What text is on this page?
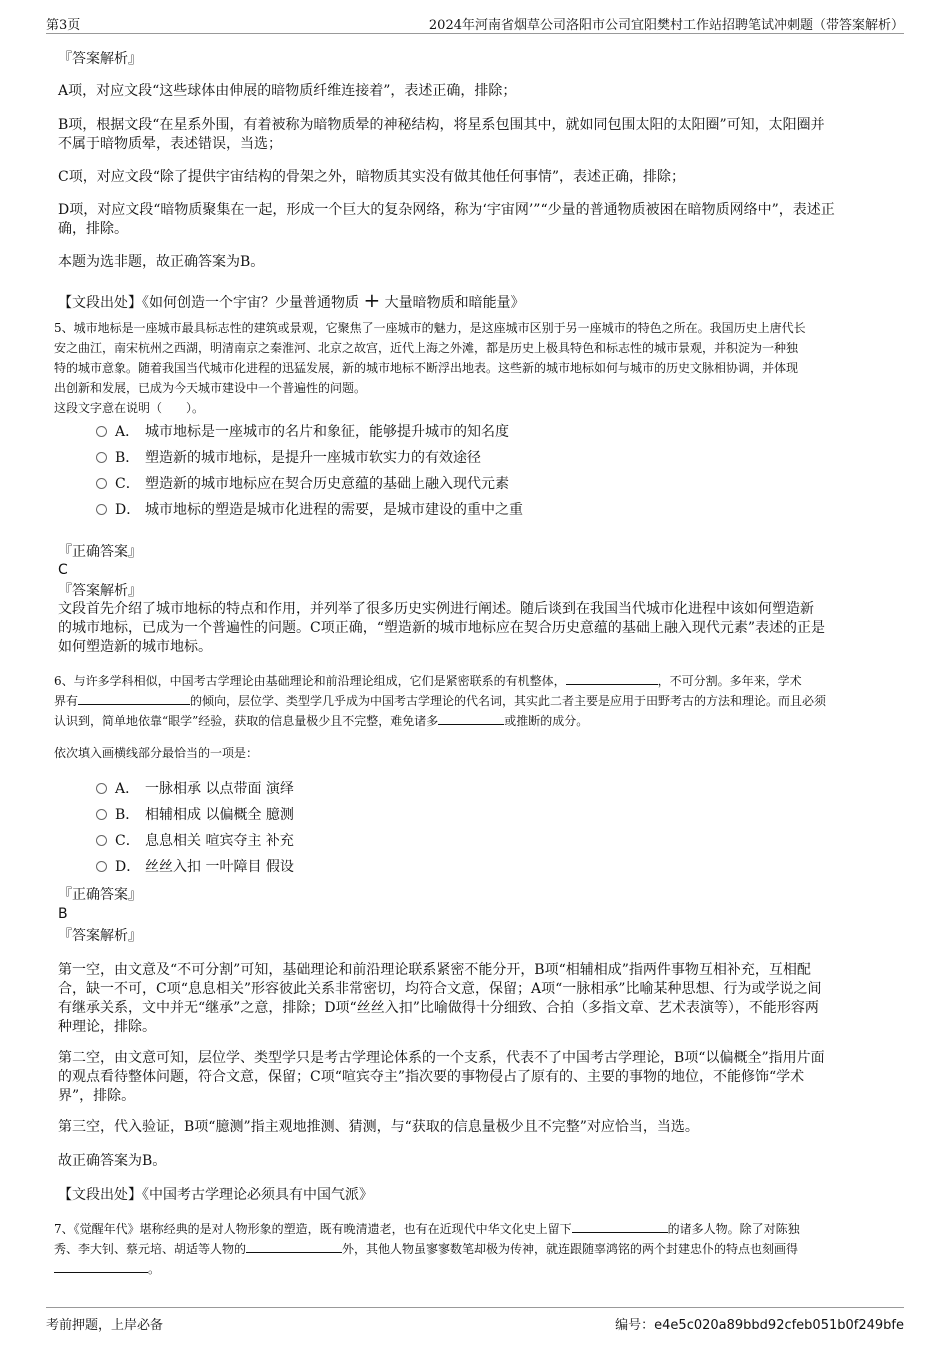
第3页	2024年河南省烟草公司洛阳市公司宜阳樊村工作站招聘笔试冲刺题（带答案解析）
『答案解析』
A项，对应文段“这些球体由伸展的暗物质纤维连接着”，表述正确，排除；
B项，根据文段“在星系外围，有着被称为暗物质晕的神秘结构，将星系包围其中，就如同包围太阳的太阳圈”可知，太阳圈并
不属于暗物质晕，表述错误，当选；
C项，对应文段“除了提供宇宙结构的骨架之外，暗物质其实没有做其他任何事情”，表述正确，排除；
D项，对应文段“暗物质聚集在一起，形成一个巨大的复杂网络，称为‘宇宙网’”“少量的普通物质被困在暗物质网络中”，表述正
确，排除。
本题为选非题，故正确答案为B。
【文段出处】《如何创造一个宇宙？少量普通物质 + 大量暗物质和暗能量》
5、城市地标是一座城市最具标志性的建筑或景观，它聚焦了一座城市的魅力，是这座城市区别于另一座城市的特色之所在。我国历史上唐代长
安之曲江，南宋杭州之西湖，明清南京之秦淮河、北京之故宫，近代上海之外滩，都是历史上极具特色和标志性的城市景观，并积淀为一种独
特的城市意象。随着我国当代城市化进程的迅猛发展，新的城市地标不断浮出地表。这些新的城市地标如何与城市的历史文脉相协调，并体现
出创新和发展，已成为今天城市建设中一个普遍性的问题。
这段文字意在说明（　　）。
A． 城市地标是一座城市的名片和象征，能够提升城市的知名度
B． 塑造新的城市地标，是提升一座城市软实力的有效途径
C． 塑造新的城市地标应在契合历史意蕴的基础上融入现代元素
D． 城市地标的塑造是城市化进程的需要，是城市建设的重中之重
『正确答案』
C
『答案解析』
文段首先介绍了城市地标的特点和作用，并列举了很多历史实例进行阐述。随后谈到在我国当代城市化进程中该如何塑造新
的城市地标，已成为一个普遍性的问题。C项正确，“塑造新的城市地标应在契合历史意蕴的基础上融入现代元素”表述的正是
如何塑造新的城市地标。
6、与许多学科相似，中国考古学理论由基础理论和前沿理论组成，它们是紧密联系的有机整体，	，不可分割。多年来，学术
界有	的倾向，层位学、类型学几乎成为中国考古学理论的代名词，其实此二者主要是应用于田野考古的方法和理论。而且必须
认识到，简单地依靠“眼学”经验，获取的信息量极少且不完整，难免诸多	或推断的成分。
依次填入画横线部分最恰当的一项是：
A． 一脉相承 以点带面 演绎
B． 相辅相成 以偏概全 臆测
C． 息息相关 喧宾夺主 补充
D． 丝丝入扣 一叶障目 假设
『正确答案』
B
『答案解析』
第一空，由文意及“不可分割”可知，基础理论和前沿理论联系紧密不能分开，B项“相辅相成”指两件事物互相补充，互相配
合，缺一不可，C项“息息相关”形容彼此关系非常密切，均符合文意，保留；A项“一脉相承”比喻某种思想、行为或学说之间
有继承关系，文中并无“继承”之意，排除；D项“丝丝入扣”比喻做得十分细致、合拍（多指文章、艺术表演等），不能形容两
种理论，排除。
第二空，由文意可知，层位学、类型学只是考古学理论体系的一个支系，代表不了中国考古学理论，B项“以偏概全”指用片面
的观点看待整体问题，符合文意，保留；C项“喧宾夺主”指次要的事物侵占了原有的、主要的事物的地位，不能修饰“学术
界”，排除。
第三空，代入验证，B项“臆测”指主观地推测、猜测，与“获取的信息量极少且不完整”对应恰当，当选。
故正确答案为B。
【文段出处】《中国考古学理论必须具有中国气派》
7、《觉醒年代》堪称经典的是对人物形象的塑造，既有晚清遗老，也有在近现代中华文化史上留下	的诸多人物。除了对陈独
秀、李大钊、蔡元培、胡适等人物的	外，其他人物虽寥寥数笔却极为传神，就连跟随辜鸿铭的两个封建忠仆的特点也刻画得
。
考前押题，上岸必备	编号：e4e5c020a89bbd92cfeb051b0f249bfe
